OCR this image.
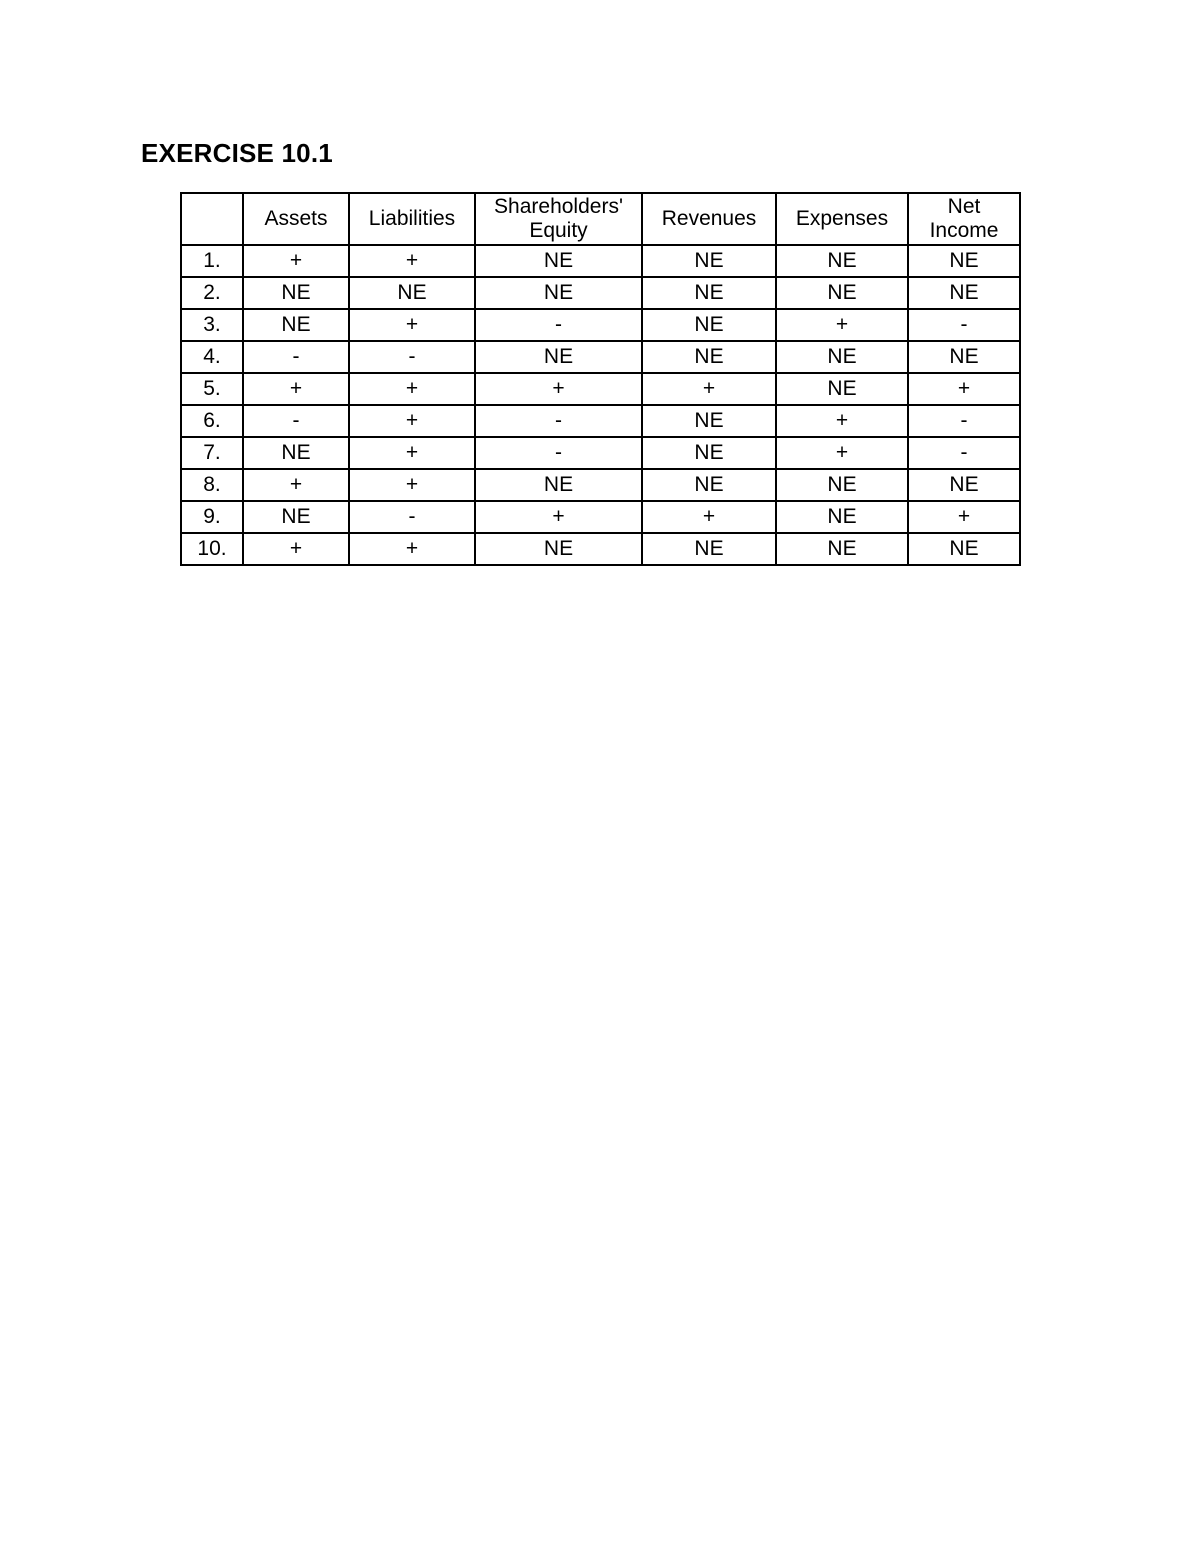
EXERCISE 10.1
	Assets	Liabilities	Shareholders' Equity	Revenues	Expenses	Net Income
1.	+	+	NE	NE	NE	NE
2.	NE	NE	NE	NE	NE	NE
3.	NE	+	-	NE	+	-
4.	-	-	NE	NE	NE	NE
5.	+	+	+	+	NE	+
6.	-	+	-	NE	+	-
7.	NE	+	-	NE	+	-
8.	+	+	NE	NE	NE	NE
9.	NE	-	+	+	NE	+
10.	+	+	NE	NE	NE	NE
